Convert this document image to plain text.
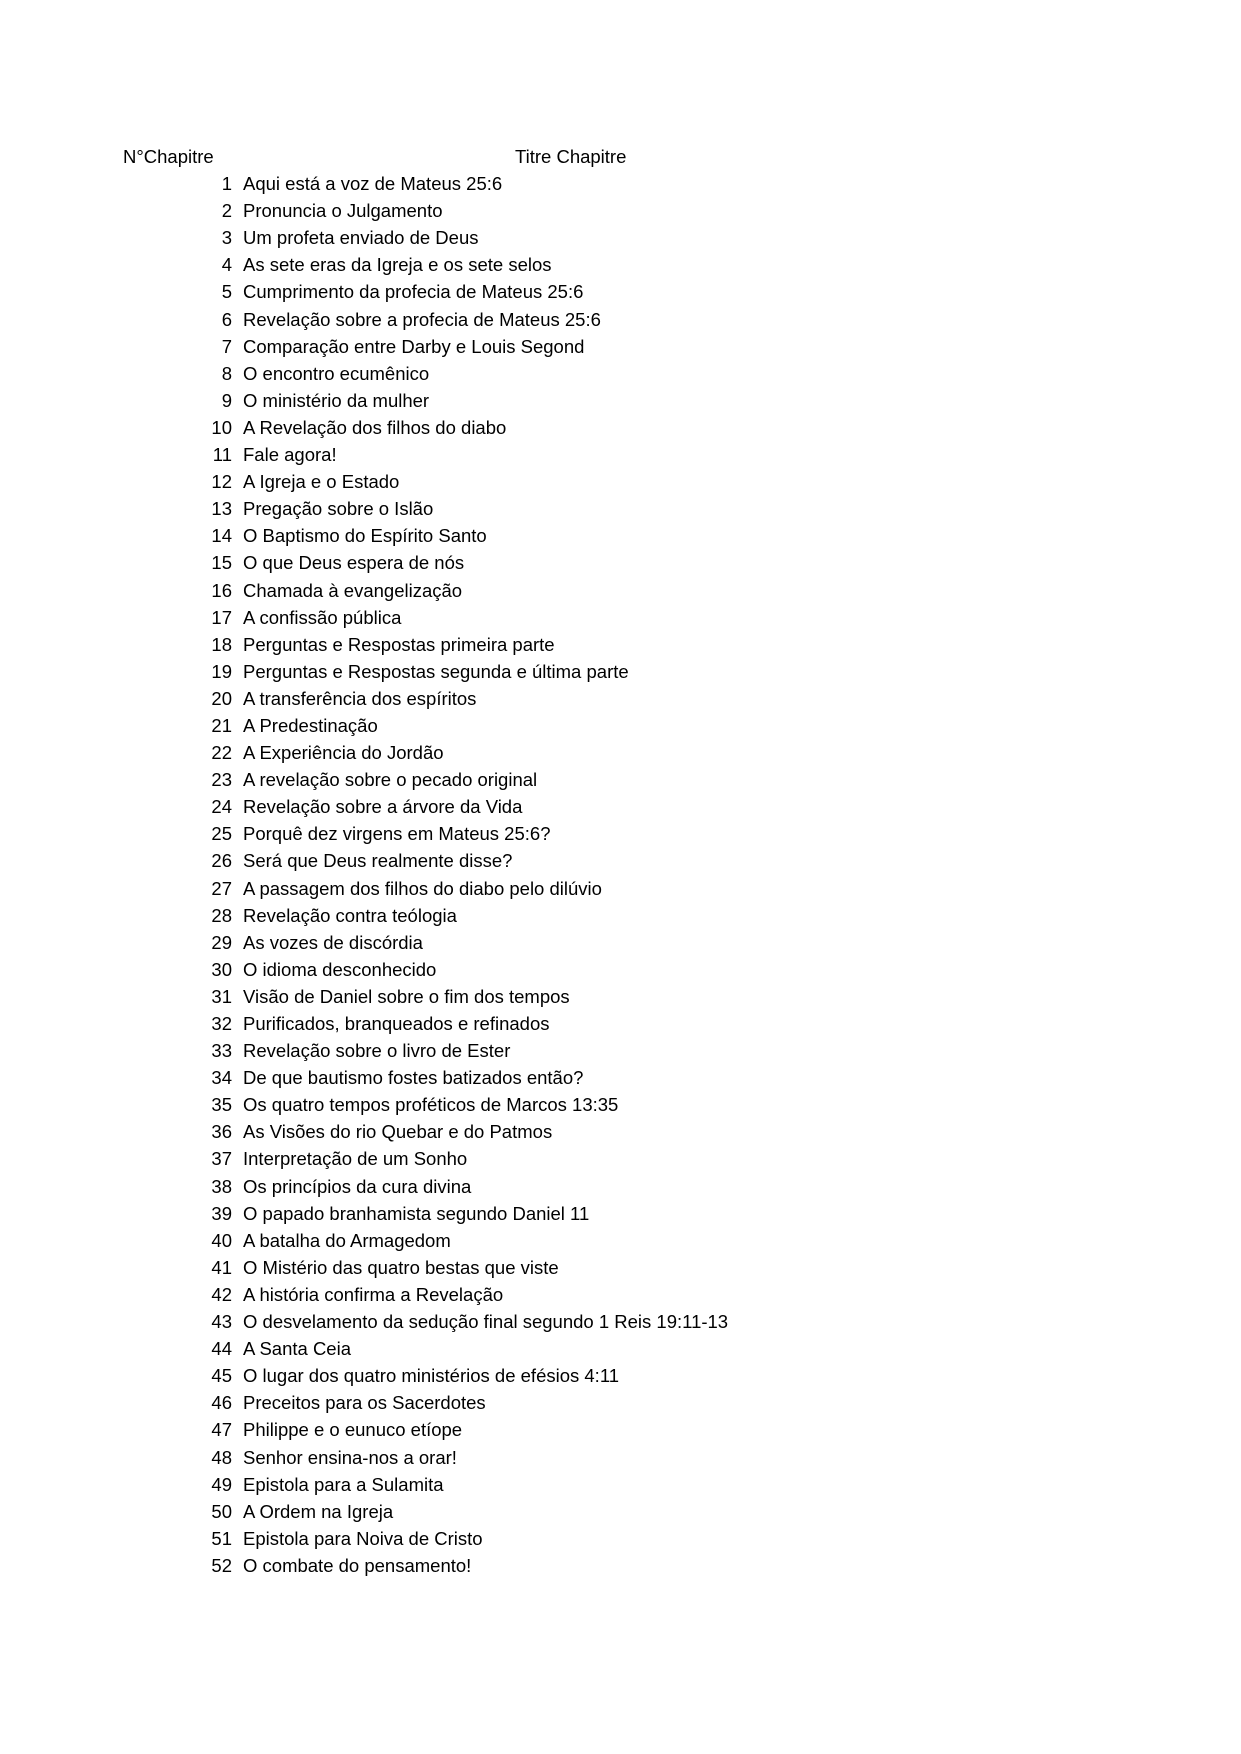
N°Chapitre	Titre Chapitre
1 Aqui está a voz de Mateus 25:6
2 Pronuncia o Julgamento
3 Um profeta enviado de Deus
4 As sete eras da Igreja e os sete selos
5 Cumprimento da profecia de Mateus 25:6
6 Revelação sobre a profecia de Mateus 25:6
7 Comparação entre Darby e Louis Segond
8 O encontro ecumênico
9 O ministério da mulher
10 A Revelação dos filhos do diabo
11 Fale agora!
12 A Igreja e o Estado
13 Pregação sobre o Islão
14 O Baptismo do Espírito Santo
15 O que Deus espera de nós
16 Chamada à evangelização
17 A confissão pública
18 Perguntas e Respostas primeira parte
19 Perguntas e Respostas segunda e última parte
20 A transferência dos espíritos
21 A Predestinação
22 A Experiência do Jordão
23 A revelação sobre o pecado original
24 Revelação sobre a árvore da Vida
25 Porquê dez virgens em Mateus 25:6?
26 Será que Deus realmente disse?
27 A passagem dos filhos do diabo pelo dilúvio
28 Revelação contra teólogia
29 As vozes de discórdia
30 O idioma desconhecido
31 Visão de Daniel sobre o fim dos tempos
32 Purificados, branqueados e refinados
33 Revelação sobre o livro de Ester
34 De que bautismo fostes batizados então?
35 Os quatro tempos proféticos de Marcos 13:35
36 As Visões do rio Quebar e do Patmos
37 Interpretação de um Sonho
38 Os princípios da cura divina
39 O papado branhamista segundo Daniel 11
40 A batalha do Armagedom
41 O Mistério das quatro bestas que viste
42 A história confirma a Revelação
43 O desvelamento da sedução final segundo 1 Reis 19:11-13
44 A Santa Ceia
45 O lugar dos quatro ministérios de efésios 4:11
46 Preceitos para os Sacerdotes
47 Philippe e o eunuco etíope
48 Senhor ensina-nos a orar!
49 Epistola para a Sulamita
50 A Ordem na Igreja
51 Epistola para Noiva de Cristo
52 O combate do pensamento!
